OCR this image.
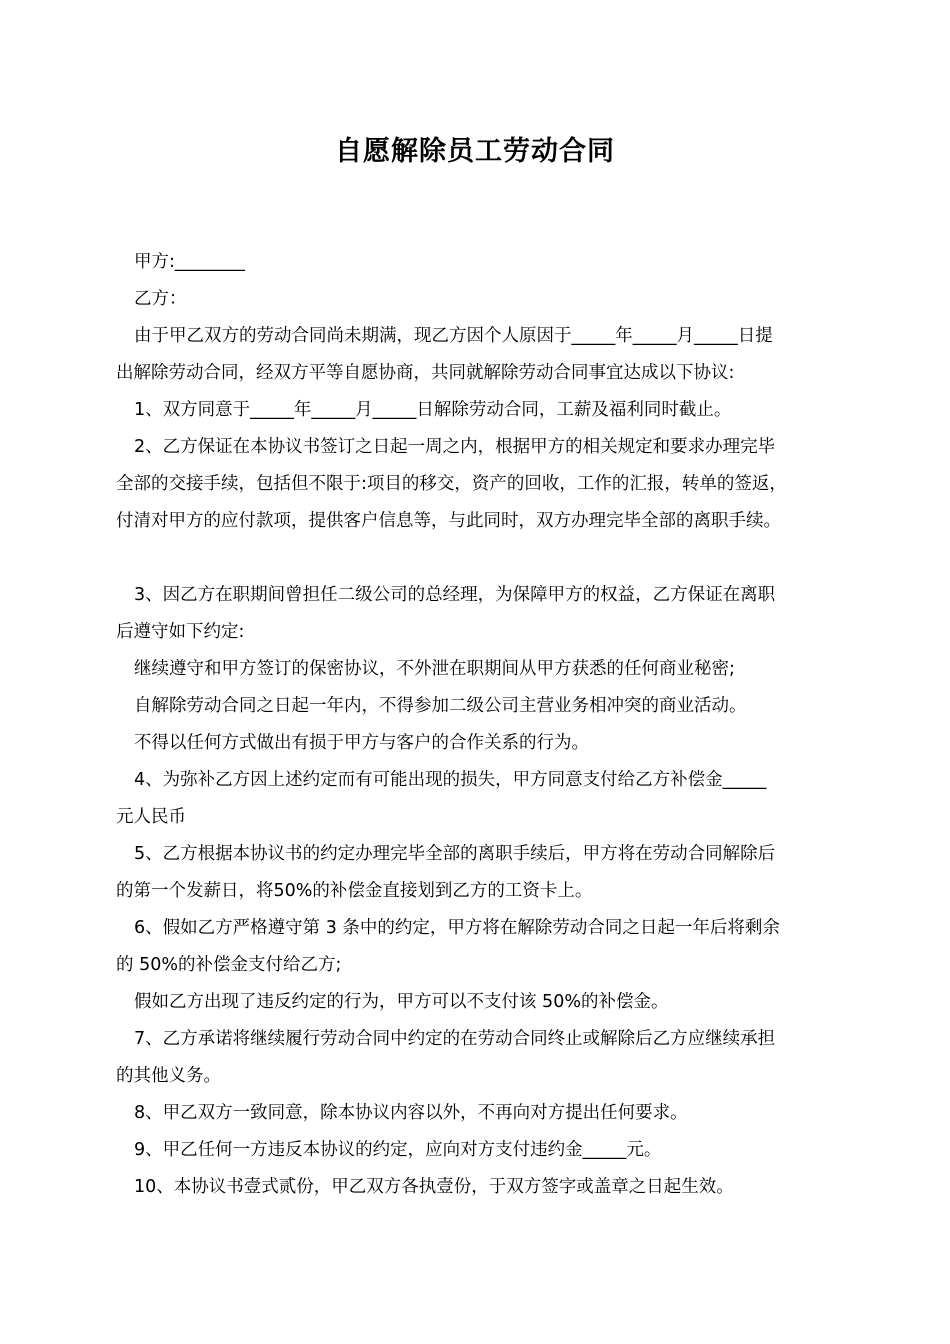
自愿解除员工劳动合同

甲方:________

乙方：

由于甲乙双方的劳动合同尚未期满，现乙方因个人原因于_____年_____月_____日提

出解除劳动合同，经双方平等自愿协商，共同就解除劳动合同事宜达成以下协议:

1、双方同意于_____年_____月_____日解除劳动合同，工薪及福利同时截止。

2、乙方保证在本协议书签订之日起一周之内，根据甲方的相关规定和要求办理完毕

全部的交接手续，包括但不限于:项目的移交，资产的回收，工作的汇报，转单的签返，

付清对甲方的应付款项，提供客户信息等，与此同时，双方办理完毕全部的离职手续。

3、因乙方在职期间曾担任二级公司的总经理，为保障甲方的权益，乙方保证在离职

后遵守如下约定:

继续遵守和甲方签订的保密协议，不外泄在职期间从甲方获悉的任何商业秘密;

自解除劳动合同之日起一年内，不得参加二级公司主营业务相冲突的商业活动。

不得以任何方式做出有损于甲方与客户的合作关系的行为。

4、为弥补乙方因上述约定而有可能出现的损失，甲方同意支付给乙方补偿金_____

元人民币

5、乙方根据本协议书的约定办理完毕全部的离职手续后，甲方将在劳动合同解除后

的第一个发薪日，将50%的补偿金直接划到乙方的工资卡上。

6、假如乙方严格遵守第 3 条中的约定，甲方将在解除劳动合同之日起一年后将剩余

的 50%的补偿金支付给乙方;

假如乙方出现了违反约定的行为，甲方可以不支付该 50%的补偿金。

7、乙方承诺将继续履行劳动合同中约定的在劳动合同终止或解除后乙方应继续承担

的其他义务。

8、甲乙双方一致同意，除本协议内容以外，不再向对方提出任何要求。

9、甲乙任何一方违反本协议的约定，应向对方支付违约金_____元。

10、本协议书壹式贰份，甲乙双方各执壹份，于双方签字或盖章之日起生效。
